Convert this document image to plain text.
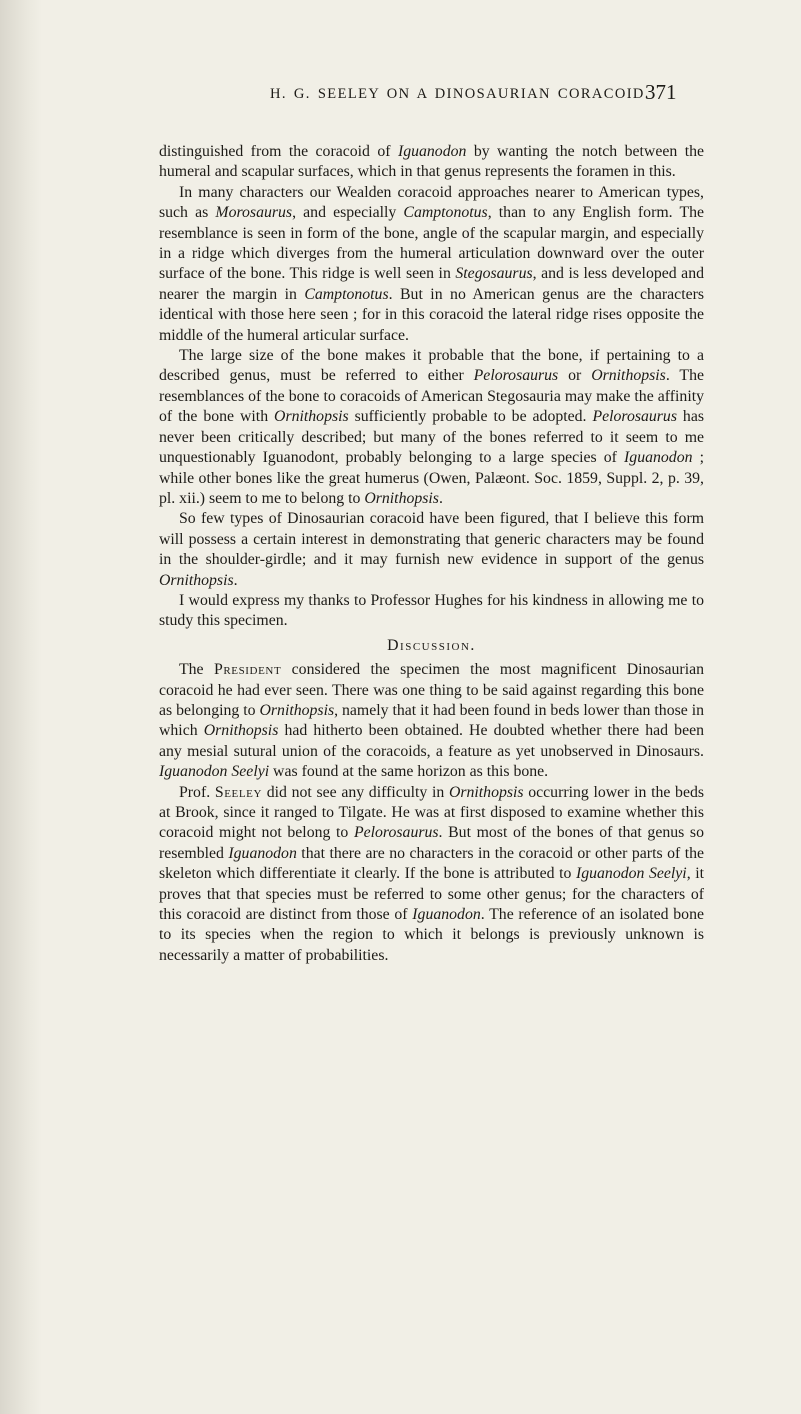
H. G. SEELEY ON A DINOSAURIAN CORACOID.
371

distinguished from the coracoid of Iguanodon by wanting the notch between the humeral and scapular surfaces, which in that genus represents the foramen in this.

In many characters our Wealden coracoid approaches nearer to American types, such as Morosaurus, and especially Camptonotus, than to any English form. The resemblance is seen in form of the bone, angle of the scapular margin, and especially in a ridge which diverges from the humeral articulation downward over the outer surface of the bone. This ridge is well seen in Stegosaurus, and is less developed and nearer the margin in Camptonotus. But in no American genus are the characters identical with those here seen ; for in this coracoid the lateral ridge rises opposite the middle of the humeral articular surface.

The large size of the bone makes it probable that the bone, if pertaining to a described genus, must be referred to either Pelorosaurus or Ornithopsis. The resemblances of the bone to coracoids of American Stegosauria may make the affinity of the bone with Ornithopsis sufficiently probable to be adopted. Pelorosaurus has never been critically described; but many of the bones referred to it seem to me unquestionably Iguanodont, probably belonging to a large species of Iguanodon ; while other bones like the great humerus (Owen, Palæont. Soc. 1859, Suppl. 2, p. 39, pl. xii.) seem to me to belong to Ornithopsis.

So few types of Dinosaurian coracoid have been figured, that I believe this form will possess a certain interest in demonstrating that generic characters may be found in the shoulder-girdle; and it may furnish new evidence in support of the genus Ornithopsis.

I would express my thanks to Professor Hughes for his kindness in allowing me to study this specimen.

Discussion.

The President considered the specimen the most magnificent Dinosaurian coracoid he had ever seen. There was one thing to be said against regarding this bone as belonging to Ornithopsis, namely that it had been found in beds lower than those in which Ornithopsis had hitherto been obtained. He doubted whether there had been any mesial sutural union of the coracoids, a feature as yet unobserved in Dinosaurs. Iguanodon Seelyi was found at the same horizon as this bone.

Prof. Seeley did not see any difficulty in Ornithopsis occurring lower in the beds at Brook, since it ranged to Tilgate. He was at first disposed to examine whether this coracoid might not belong to Pelorosaurus. But most of the bones of that genus so resembled Iguanodon that there are no characters in the coracoid or other parts of the skeleton which differentiate it clearly. If the bone is attributed to Iguanodon Seelyi, it proves that that species must be referred to some other genus; for the characters of this coracoid are distinct from those of Iguanodon. The reference of an isolated bone to its species when the region to which it belongs is previously unknown is necessarily a matter of probabilities.
